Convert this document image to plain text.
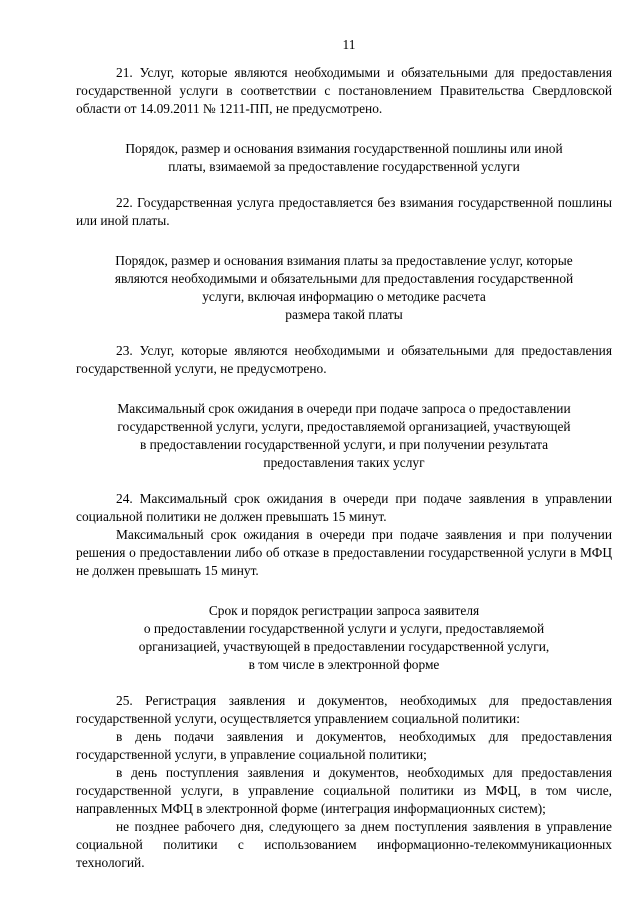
11

21. Услуг, которые являются необходимыми и обязательными для предоставления государственной услуги в соответствии с постановлением Правительства Свердловской области от 14.09.2011 № 1211-ПП, не предусмотрено.

Порядок, размер и основания взимания государственной пошлины или иной
платы, взимаемой за предоставление государственной услуги

22. Государственная услуга предоставляется без взимания государственной пошлины или иной платы.

Порядок, размер и основания взимания платы за предоставление услуг, которые
являются необходимыми и обязательными для предоставления государственной
услуги, включая информацию о методике расчета
размера такой платы

23. Услуг, которые являются необходимыми и обязательными для предоставления государственной услуги, не предусмотрено.

Максимальный срок ожидания в очереди при подаче запроса о предоставлении
государственной услуги, услуги, предоставляемой организацией, участвующей
в предоставлении государственной услуги, и при получении результата
предоставления таких услуг

24. Максимальный срок ожидания в очереди при подаче заявления в управлении социальной политики не должен превышать 15 минут.

Максимальный срок ожидания в очереди при подаче заявления и при получении решения о предоставлении либо об отказе в предоставлении государственной услуги в МФЦ не должен превышать 15 минут.

Срок и порядок регистрации запроса заявителя
о предоставлении государственной услуги и услуги, предоставляемой
организацией, участвующей в предоставлении государственной услуги,
в том числе в электронной форме

25. Регистрация заявления и документов, необходимых для предоставления государственной услуги, осуществляется управлением социальной политики:

в день подачи заявления и документов, необходимых для предоставления государственной услуги, в управление социальной политики;

в день поступления заявления и документов, необходимых для предоставления государственной услуги, в управление социальной политики из МФЦ, в том числе, направленных МФЦ в электронной форме (интеграция информационных систем);

не позднее рабочего дня, следующего за днем поступления заявления в управление социальной политики с использованием информационно-телекоммуникационных технологий.
